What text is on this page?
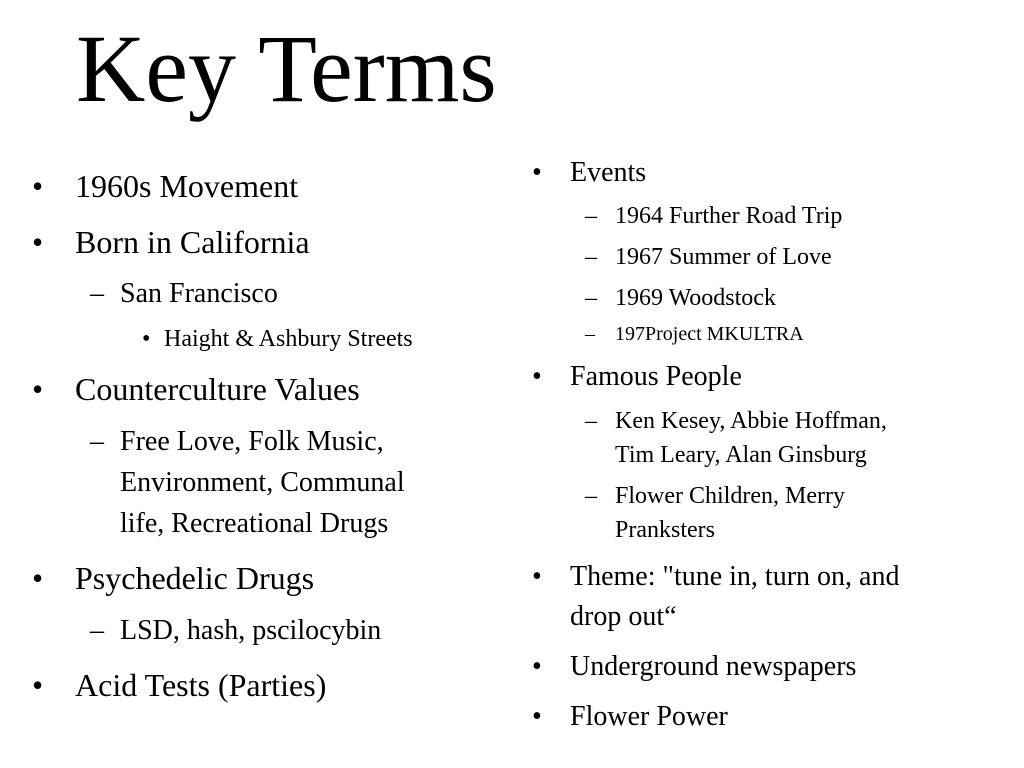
Key Terms
• 1960s Movement
• Born in California
– San Francisco
• Haight & Ashbury Streets
• Counterculture Values
– Free Love, Folk Music,
Environment, Communal
life, Recreational Drugs
• Psychedelic Drugs
– LSD, hash, pscilocybin
• Acid Tests (Parties)
• Events
– 1964 Further Road Trip
– 1967 Summer of Love
– 1969 Woodstock
– 197Project MKULTRA
• Famous People
– Ken Kesey, Abbie Hoffman,
Tim Leary, Alan Ginsburg
– Flower Children, Merry
Pranksters
• Theme: "tune in, turn on, and
drop out“
• Underground newspapers
• Flower Power
